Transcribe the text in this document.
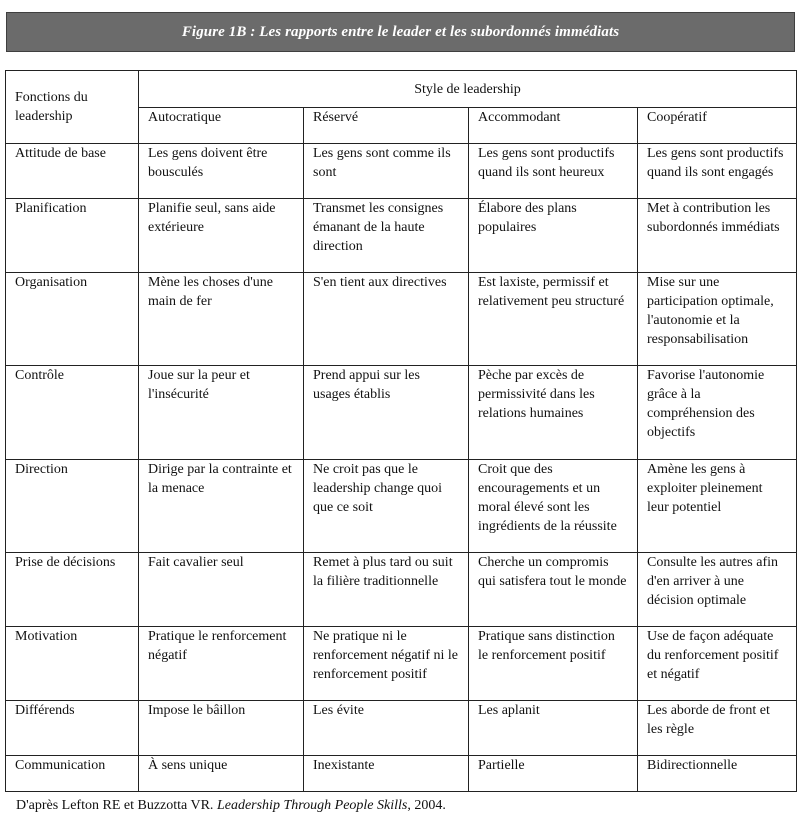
Figure 1B : Les rapports entre le leader et les subordonnés immédiats
Fonctions du leadership	Style de leadership			
	Autocratique	Réservé	Accommodant	Coopératif
Attitude de base	Les gens doivent être bousculés	Les gens sont comme ils sont	Les gens sont productifs quand ils sont heureux	Les gens sont productifs quand ils sont engagés
Planification	Planifie seul, sans aide extérieure	Transmet les consignes émanant de la haute direction	Élabore des plans populaires	Met à contribution les subordonnés immédiats
Organisation	Mène les choses d'une main de fer	S'en tient aux directives	Est laxiste, permissif et relativement peu structuré	Mise sur une participation optimale, l'autonomie et la responsabilisation
Contrôle	Joue sur la peur et l'insécurité	Prend appui sur les usages établis	Pèche par excès de permissivité dans les relations humaines	Favorise l'autonomie grâce à la compréhension des objectifs
Direction	Dirige par la contrainte et la menace	Ne croit pas que le leadership change quoi que ce soit	Croit que des encouragements et un moral élevé sont les ingrédients de la réussite	Amène les gens à exploiter pleinement leur potentiel
Prise de décisions	Fait cavalier seul	Remet à plus tard ou suit la filière traditionnelle	Cherche un compromis qui satisfera tout le monde	Consulte les autres afin d'en arriver à une décision optimale
Motivation	Pratique le renforcement négatif	Ne pratique ni le renforcement négatif ni le renforcement positif	Pratique sans distinction le renforcement positif	Use de façon adéquate du renforcement positif et négatif
Différends	Impose le bâillon	Les évite	Les aplanit	Les aborde de front et les règle
Communication	À sens unique	Inexistante	Partielle	Bidirectionnelle
D'après Lefton RE et Buzzotta VR. Leadership Through People Skills, 2004.
